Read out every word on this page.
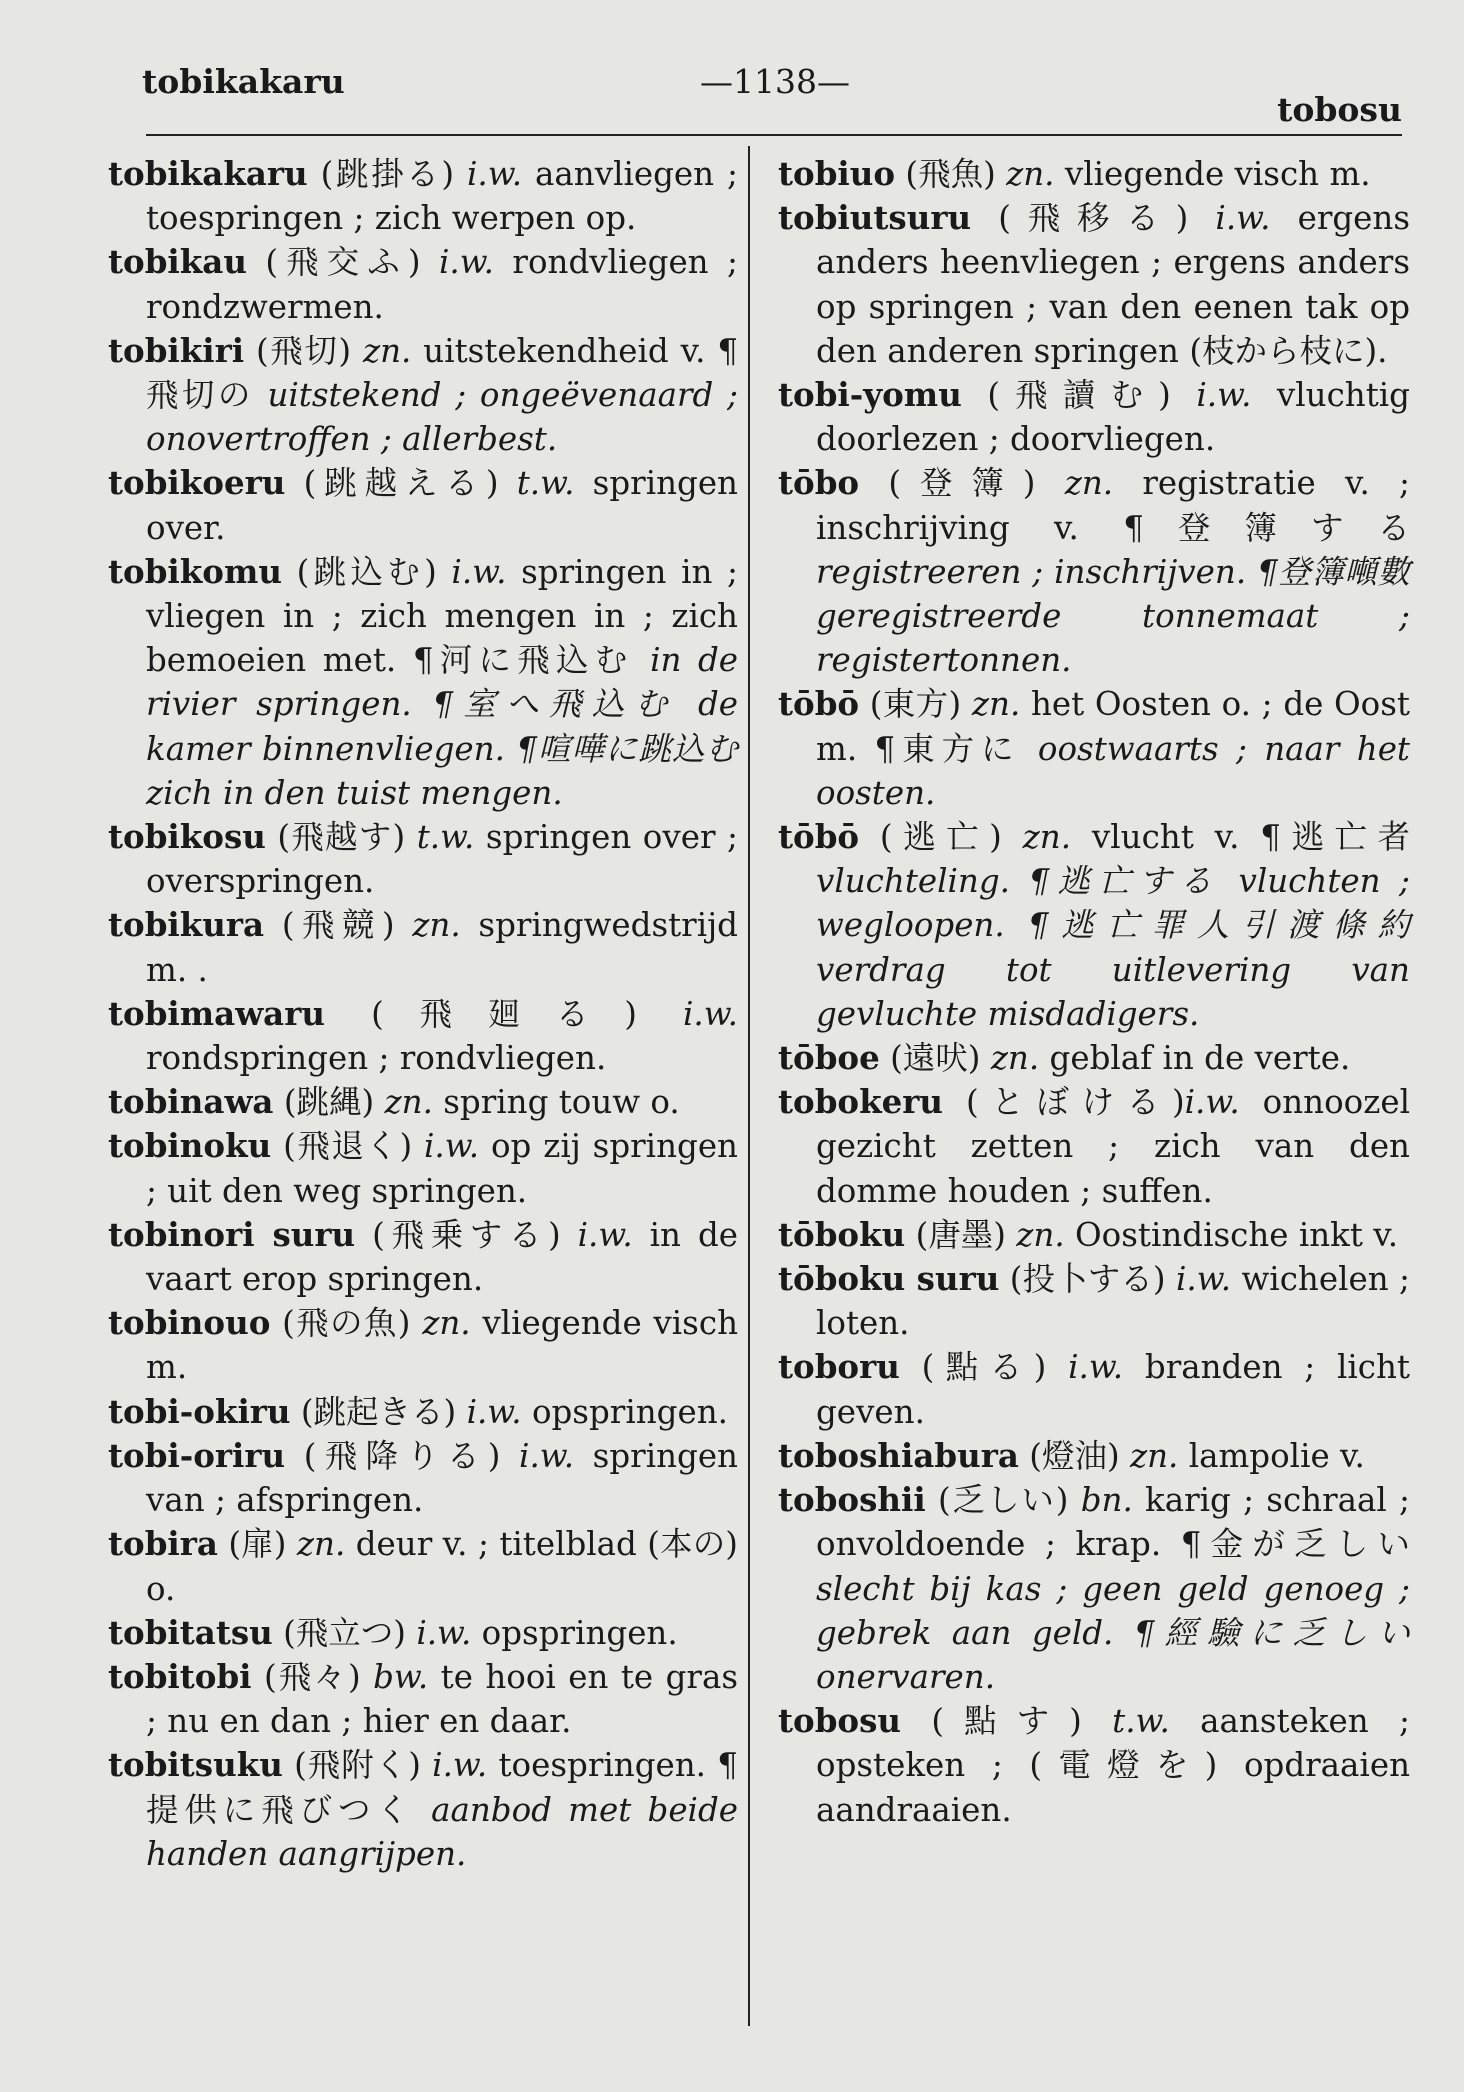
tobikakaru	—1138—
tobosu

tobikakaru (跳掛る) i.w. aanvliegen ; toespringen ; zich werpen op.

tobikau (飛交ふ) i.w. rondvliegen ; rondzwermen.

tobikiri (飛切) zn. uitstekendheid v. ¶飛切の uitstekend ; ongeëvenaard ; onovertroffen ; allerbest.

tobikoeru (跳越える) t.w. springen over.

tobikomu (跳込む) i.w. springen in ; vliegen in ; zich mengen in ; zich bemoeien met. ¶河に飛込む in de rivier springen. ¶室へ飛込む de kamer binnenvliegen. ¶喧嘩に跳込む zich in den tuist mengen.

tobikosu (飛越す) t.w. springen over ; overspringen.

tobikura (飛競) zn. springwedstrijd m. .

tobimawaru (飛廻る) i.w. rondspringen ; rondvliegen.

tobinawa (跳縄) zn. spring touw o.

tobinoku (飛退く) i.w. op zij springen ; uit den weg springen.

tobinori suru (飛乗する) i.w. in de vaart erop springen.

tobinouo (飛の魚) zn. vliegende visch m.

tobi-okiru (跳起きる) i.w. opspringen.

tobi-oriru (飛降りる) i.w. springen van ; afspringen.

tobira (扉) zn. deur v. ; titelblad (本の) o.

tobitatsu (飛立つ) i.w. opspringen.

tobitobi (飛々) bw. te hooi en te gras ; nu en dan ; hier en daar.

tobitsuku (飛附く) i.w. toespringen. ¶提供に飛びつく aanbod met beide handen aangrijpen.

tobiuo (飛魚) zn. vliegende visch m.

tobiutsuru (飛移る) i.w. ergens anders heenvliegen ; ergens anders op springen ; van den eenen tak op den anderen springen (枝から枝に).

tobi-yomu (飛讀む) i.w. vluchtig doorlezen ; doorvliegen.

tōbo (登簿) zn. registratie v. ; inschrijving v. ¶登簿する registreeren ; inschrijven. ¶登簿噸數 geregistreerde tonnemaat ; registertonnen.

tōbō (東方) zn. het Oosten o. ; de Oost m. ¶東方に oostwaarts ; naar het oosten.

tōbō (逃亡) zn. vlucht v. ¶逃亡者 vluchteling. ¶逃亡する vluchten ; wegloopen. ¶逃亡罪人引渡條約 verdrag tot uitlevering van gevluchte misdadigers.

tōboe (遠吠) zn. geblaf in de verte.

tobokeru (とぼける)i.w. onnoozel gezicht zetten ; zich van den domme houden ; suffen.

tōboku (唐墨) zn. Oostindische inkt v.

tōboku suru (投卜する) i.w. wichelen ; loten.

toboru (點る) i.w. branden ; licht geven.

toboshiabura (燈油) zn. lampolie v.

toboshii (乏しい) bn. karig ; schraal ; onvoldoende ; krap. ¶金が乏しい slecht bij kas ; geen geld genoeg ; gebrek aan geld. ¶經驗に乏しい onervaren.

tobosu (點す) t.w. aansteken ; opsteken ; (電燈を) opdraaien aandraaien.
